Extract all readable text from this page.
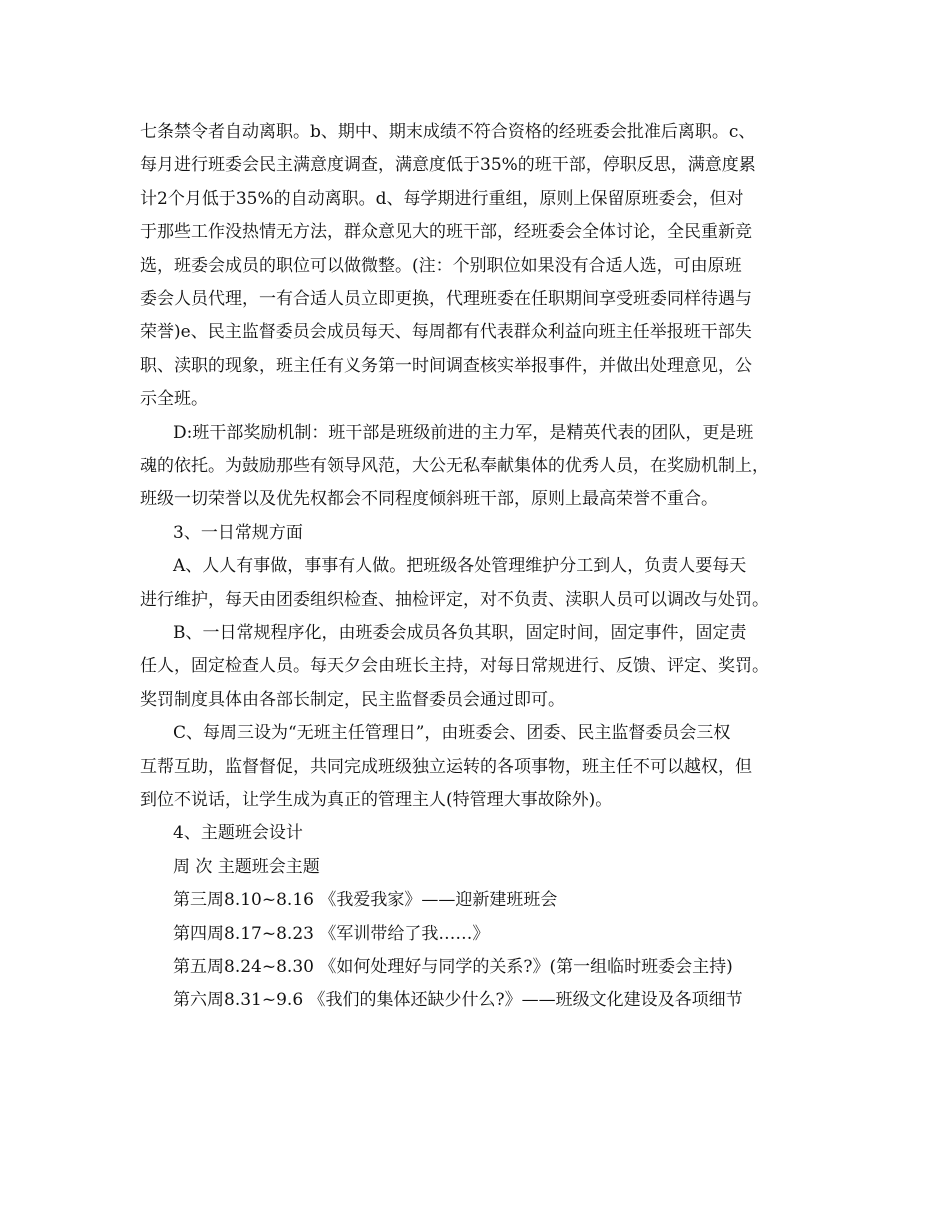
七条禁令者自动离职。b、期中、期末成绩不符合资格的经班委会批准后离职。c、
每月进行班委会民主满意度调查，满意度低于35%的班干部，停职反思，满意度累
计2个月低于35%的自动离职。d、每学期进行重组，原则上保留原班委会，但对
于那些工作没热情无方法，群众意见大的班干部，经班委会全体讨论，全民重新竞
选，班委会成员的职位可以做微整。(注：个别职位如果没有合适人选，可由原班
委会人员代理，一有合适人员立即更换，代理班委在任职期间享受班委同样待遇与
荣誉)e、民主监督委员会成员每天、每周都有代表群众利益向班主任举报班干部失
职、渎职的现象，班主任有义务第一时间调查核实举报事件，并做出处理意见，公
示全班。
D:班干部奖励机制：班干部是班级前进的主力军，是精英代表的团队，更是班
魂的依托。为鼓励那些有领导风范，大公无私奉献集体的优秀人员，在奖励机制上，
班级一切荣誉以及优先权都会不同程度倾斜班干部，原则上最高荣誉不重合。
3、一日常规方面
A、人人有事做，事事有人做。把班级各处管理维护分工到人，负责人要每天
进行维护，每天由团委组织检查、抽检评定，对不负责、渎职人员可以调改与处罚。
B、一日常规程序化，由班委会成员各负其职，固定时间，固定事件，固定责
任人，固定检查人员。每天夕会由班长主持，对每日常规进行、反馈、评定、奖罚。
奖罚制度具体由各部长制定，民主监督委员会通过即可。
C、每周三设为“无班主任管理日”，由班委会、团委、民主监督委员会三权
互帮互助，监督督促，共同完成班级独立运转的各项事物，班主任不可以越权，但
到位不说话，让学生成为真正的管理主人(特管理大事故除外)。
4、主题班会设计
周 次 主题班会主题
第三周8.10~8.16 《我爱我家》——迎新建班班会
第四周8.17~8.23 《军训带给了我……》
第五周8.24~8.30 《如何处理好与同学的关系?》(第一组临时班委会主持)
第六周8.31~9.6 《我们的集体还缺少什么?》——班级文化建设及各项细节
